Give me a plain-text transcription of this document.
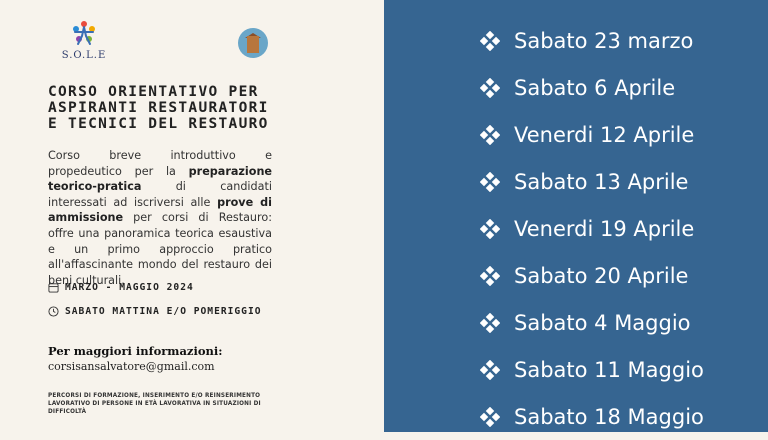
S.O.L.E
CORSO ORIENTATIVO PER
ASPIRANTI RESTAURATORI
E TECNICI DEL RESTAURO
Corso breve introduttivo e propedeutico per la preparazione teorico-pratica di candidati interessati ad iscriversi alle prove di ammissione per corsi di Restauro: offre una panoramica teorica esaustiva e un primo approccio pratico all'affascinante mondo del restauro dei beni culturali.
MARZO - MAGGIO 2024
SABATO MATTINA E/O POMERIGGIO
Per maggiori informazioni:
corsisansalvatore@gmail.com
PERCORSI DI FORMAZIONE, INSERIMENTO E/O REINSERIMENTO LAVORATIVO DI PERSONE IN ETÀ LAVORATIVA IN SITUAZIONI DI DIFFICOLTÀ
Sabato 23 marzo
Sabato 6 Aprile
Venerdi 12 Aprile
Sabato 13 Aprile
Venerdi 19 Aprile
Sabato 20 Aprile
Sabato 4 Maggio
Sabato 11 Maggio
Sabato 18 Maggio
